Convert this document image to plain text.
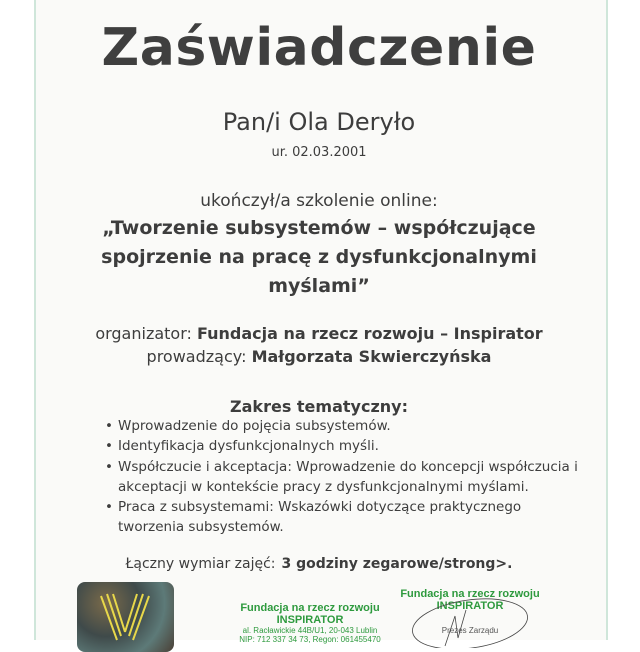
Zaświadczenie
Pan/i Ola Deryło
ur. 02.03.2001
ukończył/a szkolenie online:
„Tworzenie subsystemów – współczujące
spojrzenie na pracę z dysfunkcjonalnymi
myślami”
organizator: Fundacja na rzecz rozwoju – Inspirator
prowadzący: Małgorzata Skwierczyńska
Zakres tematyczny:
• Wprowadzenie do pojęcia subsystemów.
• Identyfikacja dysfunkcjonalnych myśli.
• Współczucie i akceptacja: Wprowadzenie do koncepcji współczucia i akceptacji w kontekście pracy z dysfunkcjonalnymi myślami.
• Praca z subsystemami: Wskazówki dotyczące praktycznego tworzenia subsystemów.
Łączny wymiar zajęć: 3 godziny zegarowe/strong>.
Fundacja na rzecz rozwoju
INSPIRATOR
al. Racławickie 44B/U1, 20-043 Lublin
NIP: 712 337 34 73, Regon: 061455470
Fundacja na rzecz rozwoju
INSPIRATOR
Prezes Zarządu
